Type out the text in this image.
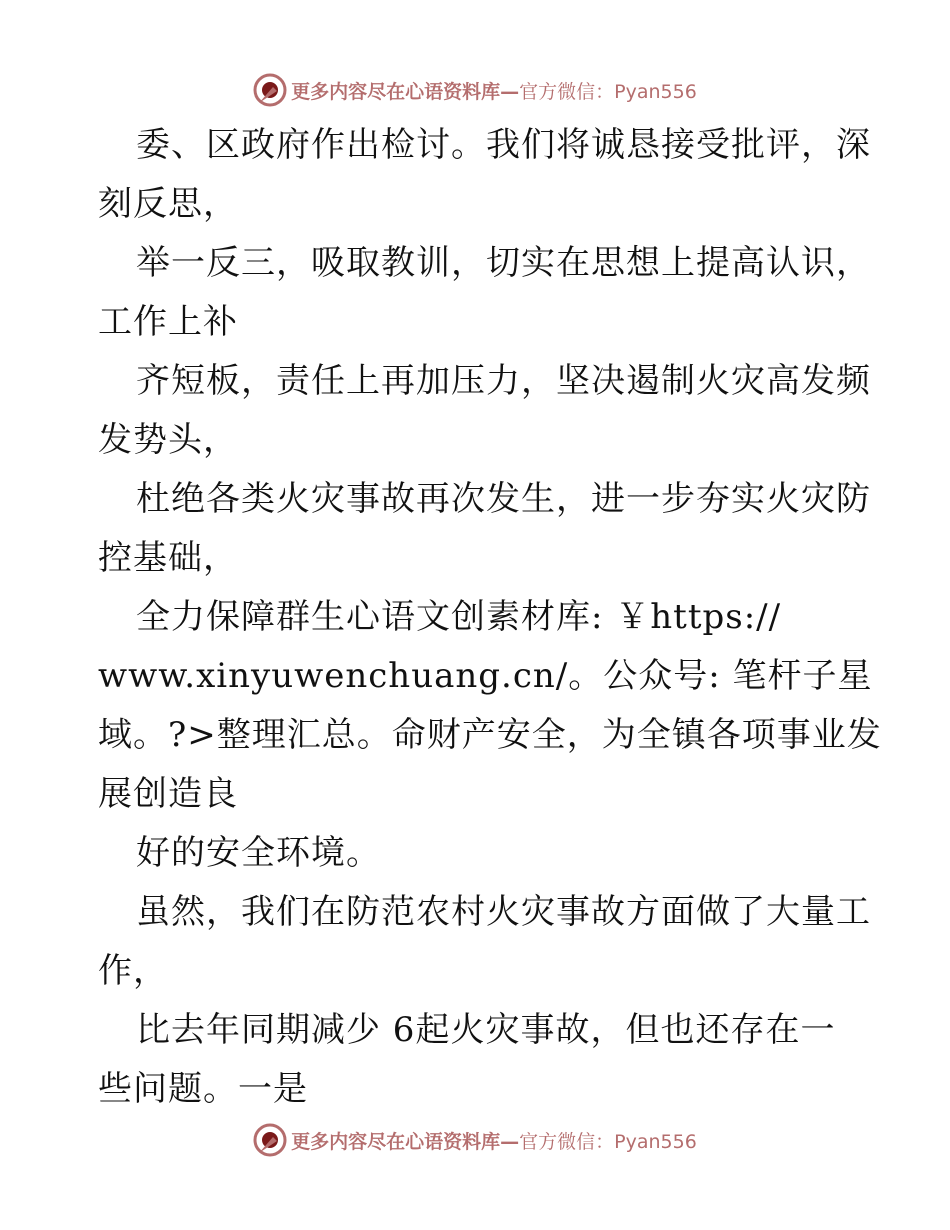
更多内容尽在心语资料库— 官方微信：Pyan556

委、区政府作出检讨。我们将诚恳接受批评，深

刻反思，

举一反三，吸取教训，切实在思想上提高认识，

工作上补

齐短板，责任上再加压力，坚决遏制火灾高发频

发势头，

杜绝各类火灾事故再次发生，进一步夯实火灾防

控基础，

全力保障群生心语文创素材库: ￥https://

www.xinyuwenchuang.cn/。公众号: 笔杆子星

域。?>整理汇总。命财产安全，为全镇各项事业发

展创造良

好的安全环境。

虽然，我们在防范农村火灾事故方面做了大量工

作，

比去年同期减少 6起火灾事故，但也还存在一

些问题。一是

更多内容尽在心语资料库— 官方微信：Pyan556
